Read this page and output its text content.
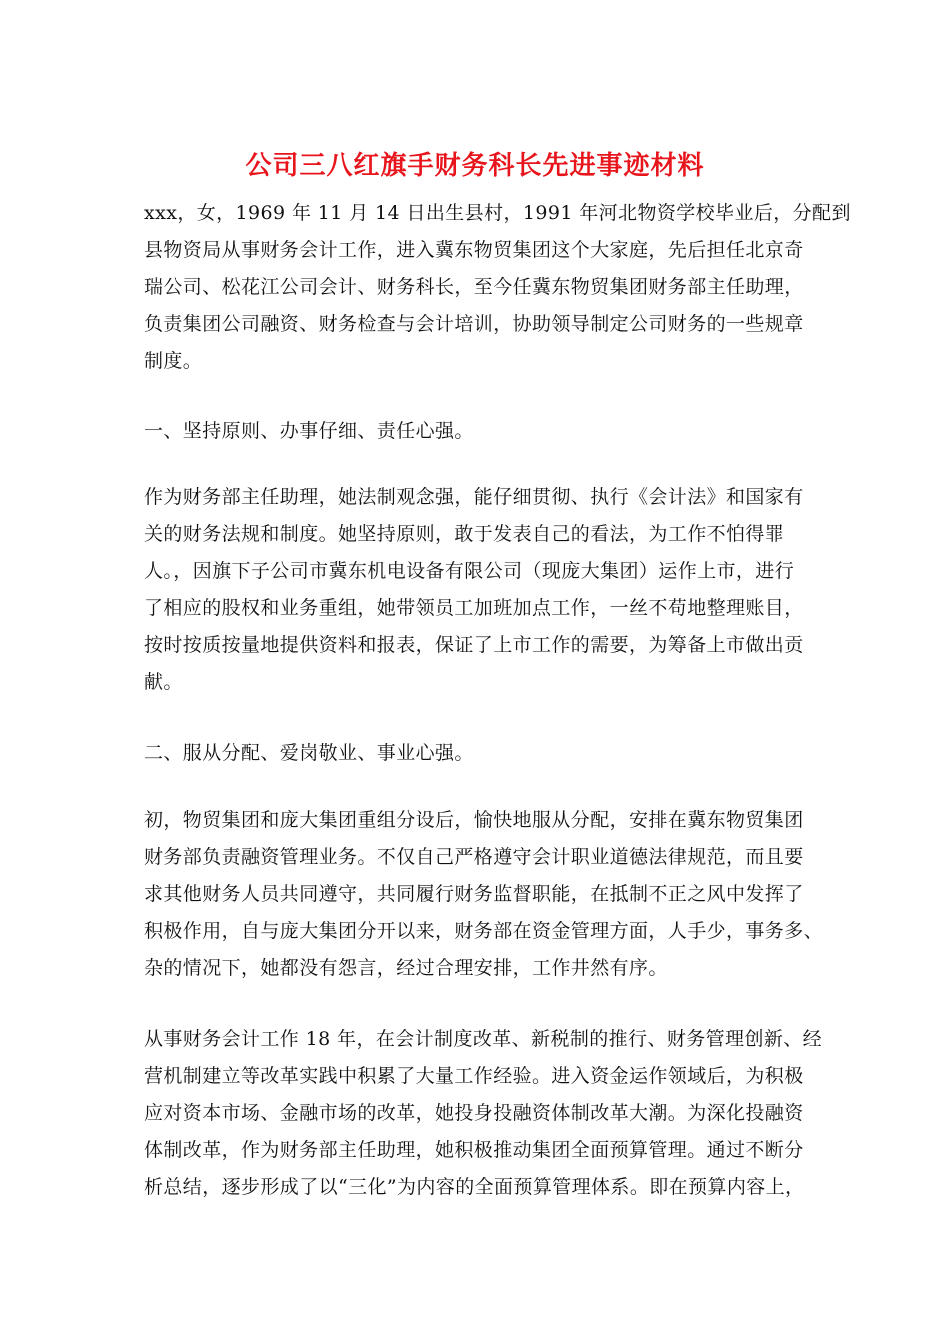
公司三八红旗手财务科长先进事迹材料
xxx，女，1969 年 11 月 14 日出生县村，1991 年河北物资学校毕业后，分配到
县物资局从事财务会计工作，进入冀东物贸集团这个大家庭，先后担任北京奇
瑞公司、松花江公司会计、财务科长，至今任冀东物贸集团财务部主任助理，
负责集团公司融资、财务检查与会计培训，协助领导制定公司财务的一些规章
制度。
一、坚持原则、办事仔细、责任心强。
作为财务部主任助理，她法制观念强，能仔细贯彻、执行《会计法》和国家有
关的财务法规和制度。她坚持原则，敢于发表自己的看法，为工作不怕得罪
人。，因旗下子公司市冀东机电设备有限公司（现庞大集团）运作上市，进行
了相应的股权和业务重组，她带领员工加班加点工作，一丝不苟地整理账目，
按时按质按量地提供资料和报表，保证了上市工作的需要，为筹备上市做出贡
献。
二、服从分配、爱岗敬业、事业心强。
初，物贸集团和庞大集团重组分设后，愉快地服从分配，安排在冀东物贸集团
财务部负责融资管理业务。不仅自己严格遵守会计职业道德法律规范，而且要
求其他财务人员共同遵守，共同履行财务监督职能，在抵制不正之风中发挥了
积极作用，自与庞大集团分开以来，财务部在资金管理方面，人手少，事务多、
杂的情况下，她都没有怨言，经过合理安排，工作井然有序。
从事财务会计工作 18 年，在会计制度改革、新税制的推行、财务管理创新、经
营机制建立等改革实践中积累了大量工作经验。进入资金运作领域后，为积极
应对资本市场、金融市场的改革，她投身投融资体制改革大潮。为深化投融资
体制改革，作为财务部主任助理，她积极推动集团全面预算管理。通过不断分
析总结，逐步形成了以“三化”为内容的全面预算管理体系。即在预算内容上，
